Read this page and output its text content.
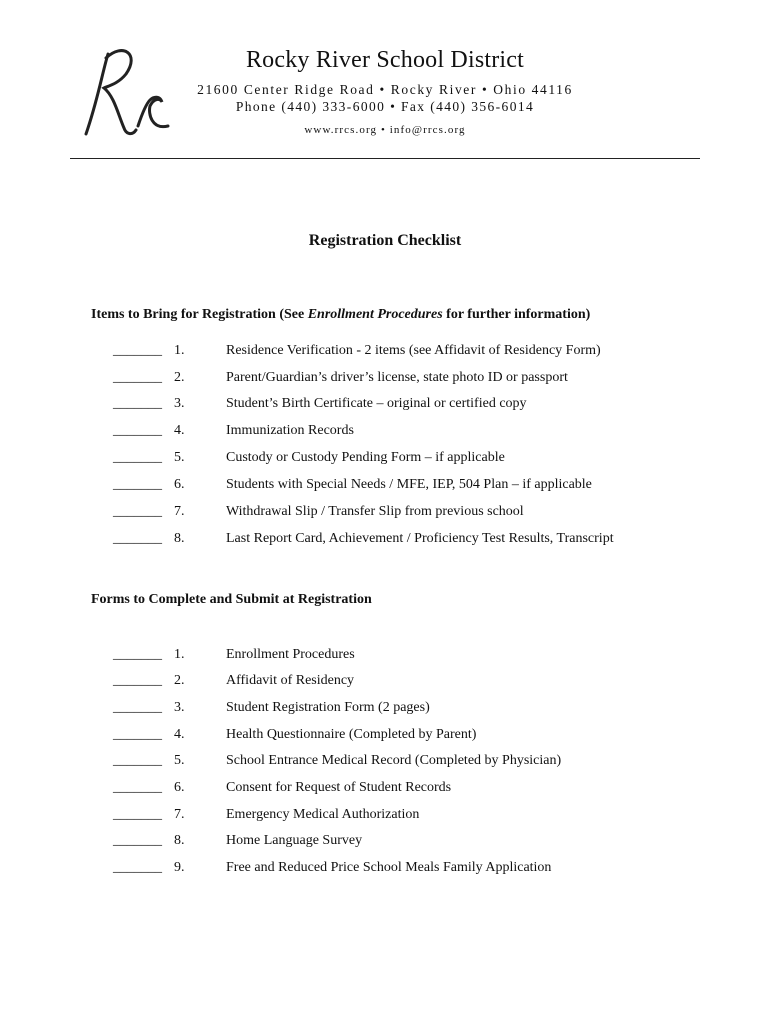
Rocky River School District
21600 Center Ridge Road • Rocky River • Ohio 44116
Phone (440) 333-6000 • Fax (440) 356-6014
www.rrcs.org • info@rrcs.org
Registration Checklist
Items to Bring for Registration (See Enrollment Procedures for further information)
_______ 1.	Residence Verification - 2 items (see Affidavit of Residency Form)
_______ 2.	Parent/Guardian’s driver’s license, state photo ID or passport
_______ 3.	Student’s Birth Certificate – original or certified copy
_______ 4.	Immunization Records
_______ 5.	Custody or Custody Pending Form – if applicable
_______ 6.	Students with Special Needs / MFE, IEP, 504 Plan – if applicable
_______ 7.	Withdrawal Slip / Transfer Slip from previous school
_______ 8.	Last Report Card, Achievement / Proficiency Test Results, Transcript
Forms to Complete and Submit at Registration
_______ 1.	Enrollment Procedures
_______ 2.	Affidavit of Residency
_______ 3.	Student Registration Form (2 pages)
_______ 4.	Health Questionnaire (Completed by Parent)
_______ 5.	School Entrance Medical Record (Completed by Physician)
_______ 6.	Consent for Request of Student Records
_______ 7.	Emergency Medical Authorization
_______ 8.	Home Language Survey
_______ 9.	Free and Reduced Price School Meals Family Application
